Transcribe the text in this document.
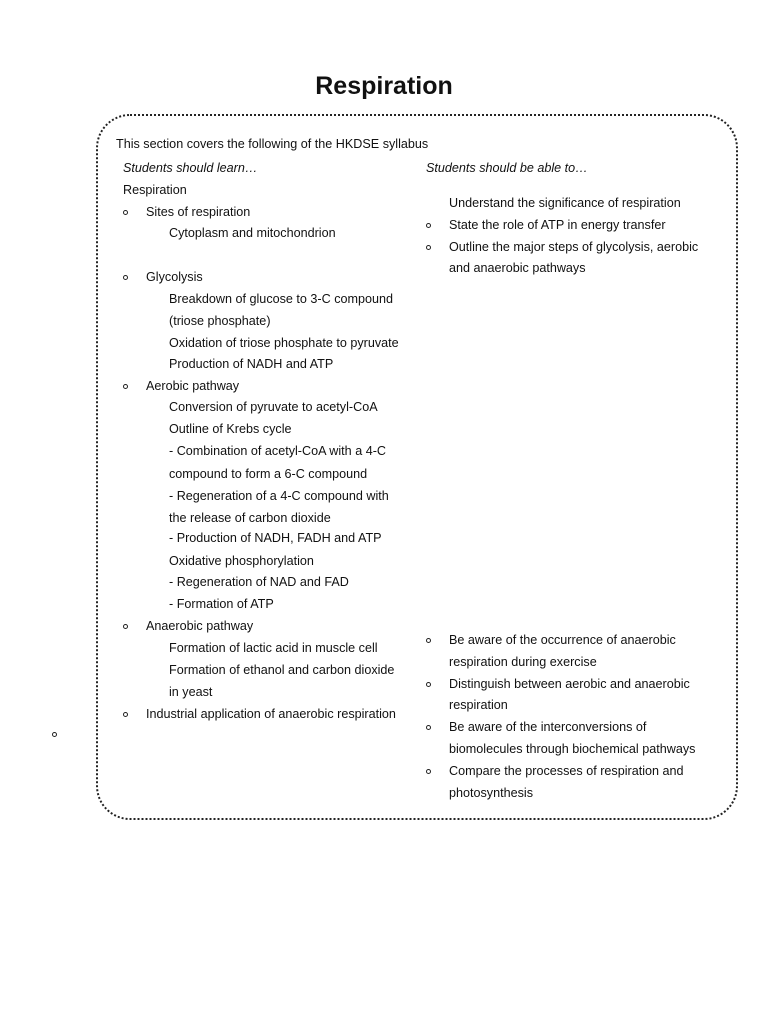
Respiration
This section covers the following of the HKDSE syllabus
Students should learn…	Students should be able to…
Respiration
Sites of respiration
Cytoplasm and mitochondrion
Glycolysis
Breakdown of glucose to 3-C compound
(triose phosphate)
Oxidation of triose phosphate to pyruvate
Production of NADH and ATP
Aerobic pathway
Conversion of pyruvate to acetyl-CoA
Outline of Krebs cycle
- Combination of acetyl-CoA with a 4-C
compound to form a 6-C compound
- Regeneration of a 4-C compound with
the release of carbon dioxide
- Production of NADH, FADH and ATP
Oxidative phosphorylation
- Regeneration of NAD and FAD
- Formation of ATP
Anaerobic pathway
Formation of lactic acid in muscle cell
Formation of ethanol and carbon dioxide
in yeast
Industrial application of anaerobic respiration
Understand the significance of respiration
State the role of ATP in energy transfer
Outline the major steps of glycolysis, aerobic
and anaerobic pathways
Be aware of the occurrence of anaerobic
respiration during exercise
Distinguish between aerobic and anaerobic
respiration
Be aware of the interconversions of
biomolecules through biochemical pathways
Compare the processes of respiration and
photosynthesis
